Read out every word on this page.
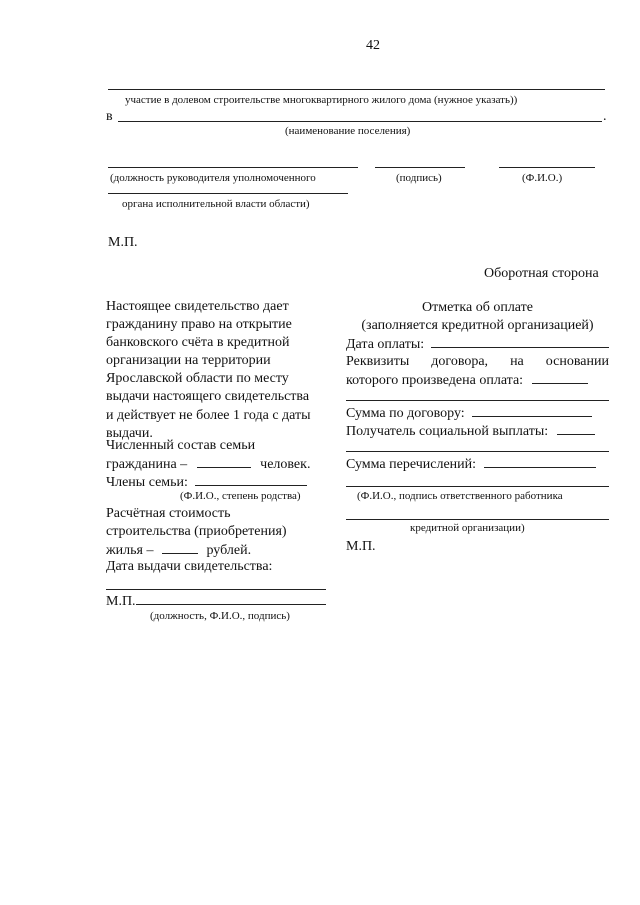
42
участие в долевом строительстве многоквартирного жилого дома (нужное указать))
в	.
(наименование поселения)
(должность руководителя уполномоченного	(подпись)	(Ф.И.О.)
органа исполнительной власти области)
М.П.
Оборотная сторона
Настоящее свидетельство дает
гражданину право на открытие
банковского счёта в кредитной
организации на территории
Ярославской области по месту
выдачи настоящего свидетельства
и действует не более 1 года с даты
выдачи.
Численный состав семьи
гражданина –	человек.
Члены семьи:
(Ф.И.О., степень родства)
Расчётная стоимость
строительства (приобретения)
жилья –	рублей.
Дата выдачи свидетельства:
М.П.
(должность, Ф.И.О., подпись)
Отметка об оплате
(заполняется кредитной организацией)
Дата оплаты:
Реквизиты договора, на основании
которого произведена оплата:
Сумма по договору:
Получатель социальной выплаты:
Сумма перечислений:
(Ф.И.О., подпись ответственного работника
кредитной организации)
М.П.
